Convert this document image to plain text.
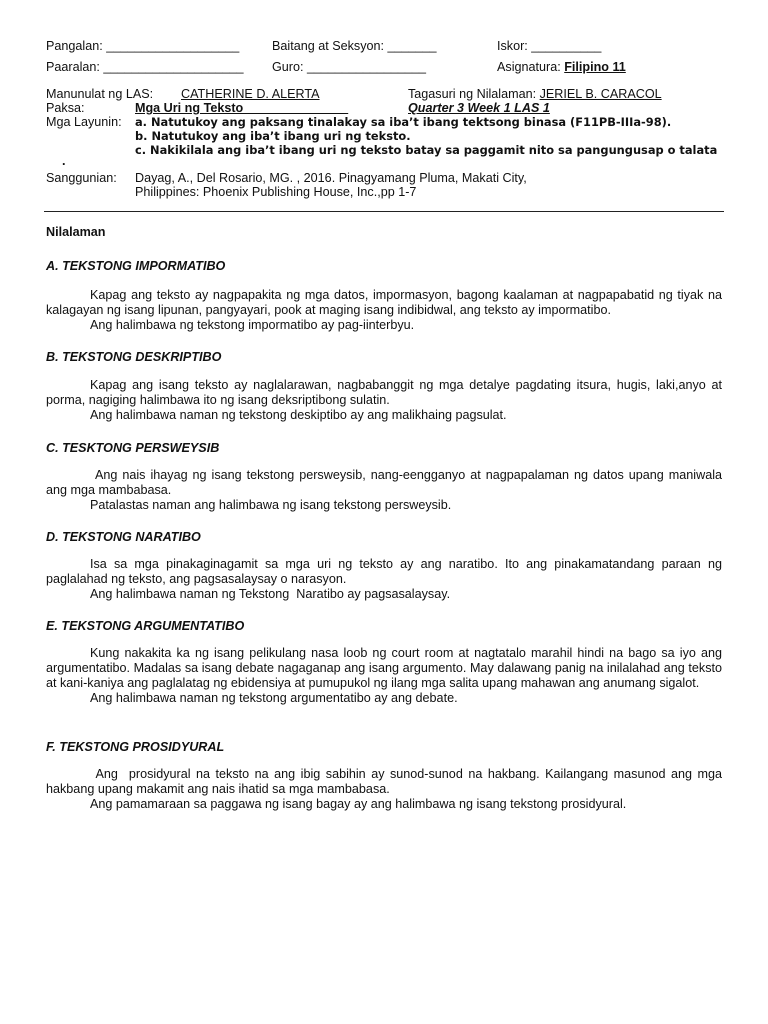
Pangalan: ___________________	Baitang at Seksyon: _______	Iskor: __________
Paaralan: ____________________ Guro: _________________	Asignatura: Filipino 11
Manunulat ng LAS: CATHERINE D. ALERTA	Tagasuri ng Nilalaman: JERIEL B. CARACOL
Paksa:	Mga Uri ng Teksto	Quarter 3 Week 1 LAS 1
Mga Layunin: a. Natutukoy ang paksang tinalakay sa iba’t ibang tektsong binasa (F11PB-IIIa-98).
b. Natutukoy ang iba’t ibang uri ng teksto.
c. Nakikilala ang iba’t ibang uri ng teksto batay sa paggamit nito sa pangungusap o talata
.
Sanggunian: Dayag, A., Del Rosario, MG. , 2016. Pinagyamang Pluma, Makati City,
Philippines: Phoenix Publishing House, Inc.,pp 1-7
Nilalaman
A. TEKSTONG IMPORMATIBO
Kapag ang teksto ay nagpapakita ng mga datos, impormasyon, bagong kaalaman at nagpapabatid ng tiyak na kalagayan ng isang lipunan, pangyayari, pook at maging isang indibidwal, ang teksto ay impormatibo.
Ang halimbawa ng tekstong impormatibo ay pag-iinterbyu.
B. TEKSTONG DESKRIPTIBO
Kapag ang isang teksto ay naglalarawan, nagbabanggit ng mga detalye pagdating itsura, hugis, laki,anyo at porma, nagiging halimbawa ito ng isang deksriptibong sulatin.
Ang halimbawa naman ng tekstong deskiptibo ay ang malikhaing pagsulat.
C. TESKTONG PERSWEYSIB
Ang nais ihayag ng isang tekstong persweysib, nang-eengganyo at nagpapalaman ng datos upang maniwala ang mga mambabasa.
Patalastas naman ang halimbawa ng isang tekstong persweysib.
D. TEKSTONG NARATIBO
Isa sa mga pinakaginagamit sa mga uri ng teksto ay ang naratibo. Ito ang pinakamatandang paraan ng paglalahad ng teksto, ang pagsasalaysay o narasyon.
Ang halimbawa naman ng Tekstong  Naratibo ay pagsasalaysay.
E. TEKSTONG ARGUMENTATIBO
Kung nakakita ka ng isang pelikulang nasa loob ng court room at nagtatalo marahil hindi na bago sa iyo ang argumentatibo. Madalas sa isang debate nagaganap ang isang argumento. May dalawang panig na inilalahad ang teksto at kani-kaniya ang paglalatag ng ebidensiya at pumupukol ng ilang mga salita upang mahawan ang anumang sigalot.
Ang halimbawa naman ng tekstong argumentatibo ay ang debate.
F. TEKSTONG PROSIDYURAL
Ang  prosidyural na teksto na ang ibig sabihin ay sunod-sunod na hakbang. Kailangang masunod ang mga hakbang upang makamit ang nais ihatid sa mga mambabasa.
Ang pamamaraan sa paggawa ng isang bagay ay ang halimbawa ng isang tekstong prosidyural.
